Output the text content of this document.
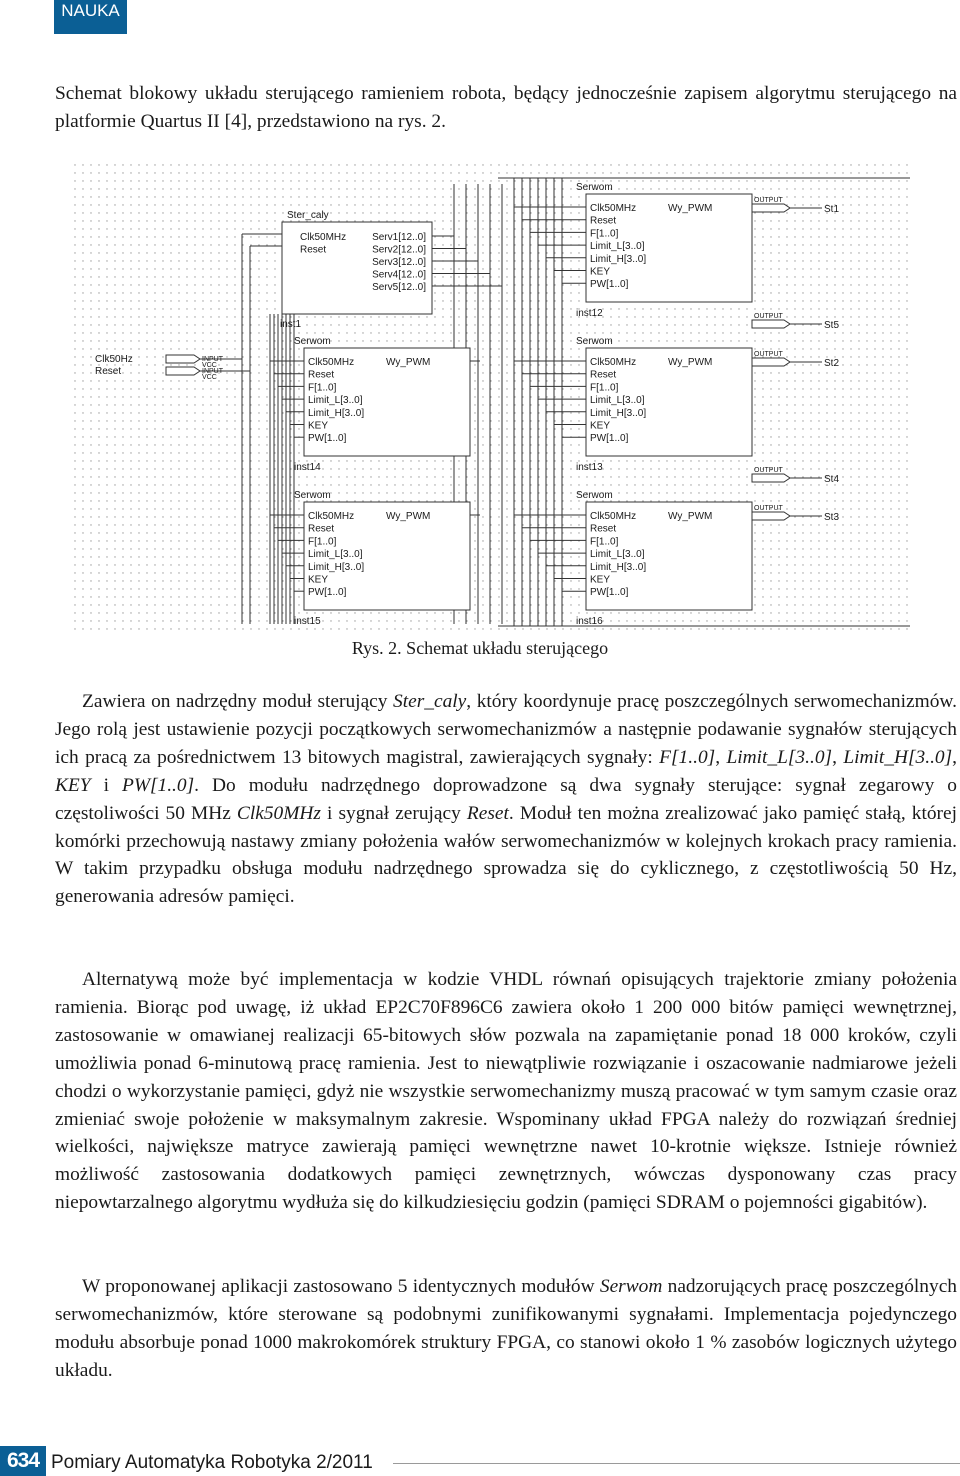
NAUKA

Schemat blokowy układu sterującego ramieniem robota, będący jednocześnie zapisem algorytmu sterującego na platformie Quartus II [4], przedstawiono na rys. 2.

Ster_caly
Clk50MHz
Reset
Serv1[12..0]
Serv2[12..0]
Serv3[12..0]
Serv4[12..0]
Serv5[12..0]
inst1
Clk50Hz	INPUT
VCC
Reset	INPUT
VCC
Serwom
Clk50MHz
Reset
F[1..0]
Limit_L[3..0]
Limit_H[3..0]
KEY
PW[1..0]
Wy_PWM
inst12
Serwom
Clk50MHz
Reset
F[1..0]
Limit_L[3..0]
Limit_H[3..0]
KEY
PW[1..0]
Wy_PWM
inst14
Serwom
Clk50MHz
Reset
F[1..0]
Limit_L[3..0]
Limit_H[3..0]
KEY
PW[1..0]
Wy_PWM
inst13
Serwom
Clk50MHz
Reset
F[1..0]
Limit_L[3..0]
Limit_H[3..0]
KEY
PW[1..0]
Wy_PWM
inst15
Serwom
Clk50MHz
Reset
F[1..0]
Limit_L[3..0]
Limit_H[3..0]
KEY
PW[1..0]
Wy_PWM
inst16
OUTPUT
St1
OUTPUT
St5
OUTPUT
St2
OUTPUT
St4
OUTPUT
St3
Rys. 2. Schemat układu sterującego

Zawiera on nadrzędny moduł sterujący Ster_caly, który koordynuje pracę poszczególnych serwomechanizmów. Jego rolą jest ustawienie pozycji początkowych serwomechanizmów a następnie podawanie sygnałów sterujących ich pracą za pośrednictwem 13 bitowych magistral, zawierających sygnały: F[1..0], Limit_L[3..0], Limit_H[3..0], KEY i PW[1..0]. Do modułu nadrzędnego doprowadzone są dwa sygnały sterujące: sygnał zegarowy o częstoliwości 50 MHz Clk50MHz i sygnał zerujący Reset. Moduł ten można zrealizować jako pamięć stałą, której komórki przechowują nastawy zmiany położenia wałów serwomechanizmów w kolejnych krokach pracy ramienia. W takim przypadku obsługa modułu nadrzędnego sprowadza się do cyklicznego, z częstotliwością 50 Hz, generowania adresów pamięci.

Alternatywą może być implementacja w kodzie VHDL równań opisujących trajektorie zmiany położenia ramienia. Biorąc pod uwagę, iż układ EP2C70F896C6 zawiera około 1 200 000 bitów pamięci wewnętrznej, zastosowanie w omawianej realizacji 65-bitowych słów pozwala na zapamiętanie ponad 18 000 kroków, czyli umożliwia ponad 6-minutową pracę ramienia. Jest to niewątpliwie rozwiązanie i oszacowanie nadmiarowe jeżeli chodzi o wykorzystanie pamięci, gdyż nie wszystkie serwomechanizmy muszą pracować w tym samym czasie oraz zmieniać swoje położenie w maksymalnym zakresie. Wspominany układ FPGA należy do rozwiązań średniej wielkości, największe matryce zawierają pamięci wewnętrzne nawet 10-krotnie większe. Istnieje również możliwość zastosowania dodatkowych pamięci zewnętrznych, wówczas dysponowany czas pracy niepowtarzalnego algorytmu wydłuża się do kilkudziesięciu godzin (pamięci SDRAM o pojemności gigabitów).

W proponowanej aplikacji zastosowano 5 identycznych modułów Serwom nadzorujących pracę poszczególnych serwomechanizmów, które sterowane są podobnymi zunifikowanymi sygnałami. Implementacja pojedynczego modułu absorbuje ponad 1000 makrokomórek struktury FPGA, co stanowi około 1 % zasobów logicznych użytego układu.

634 Pomiary Automatyka Robotyka 2/2011
